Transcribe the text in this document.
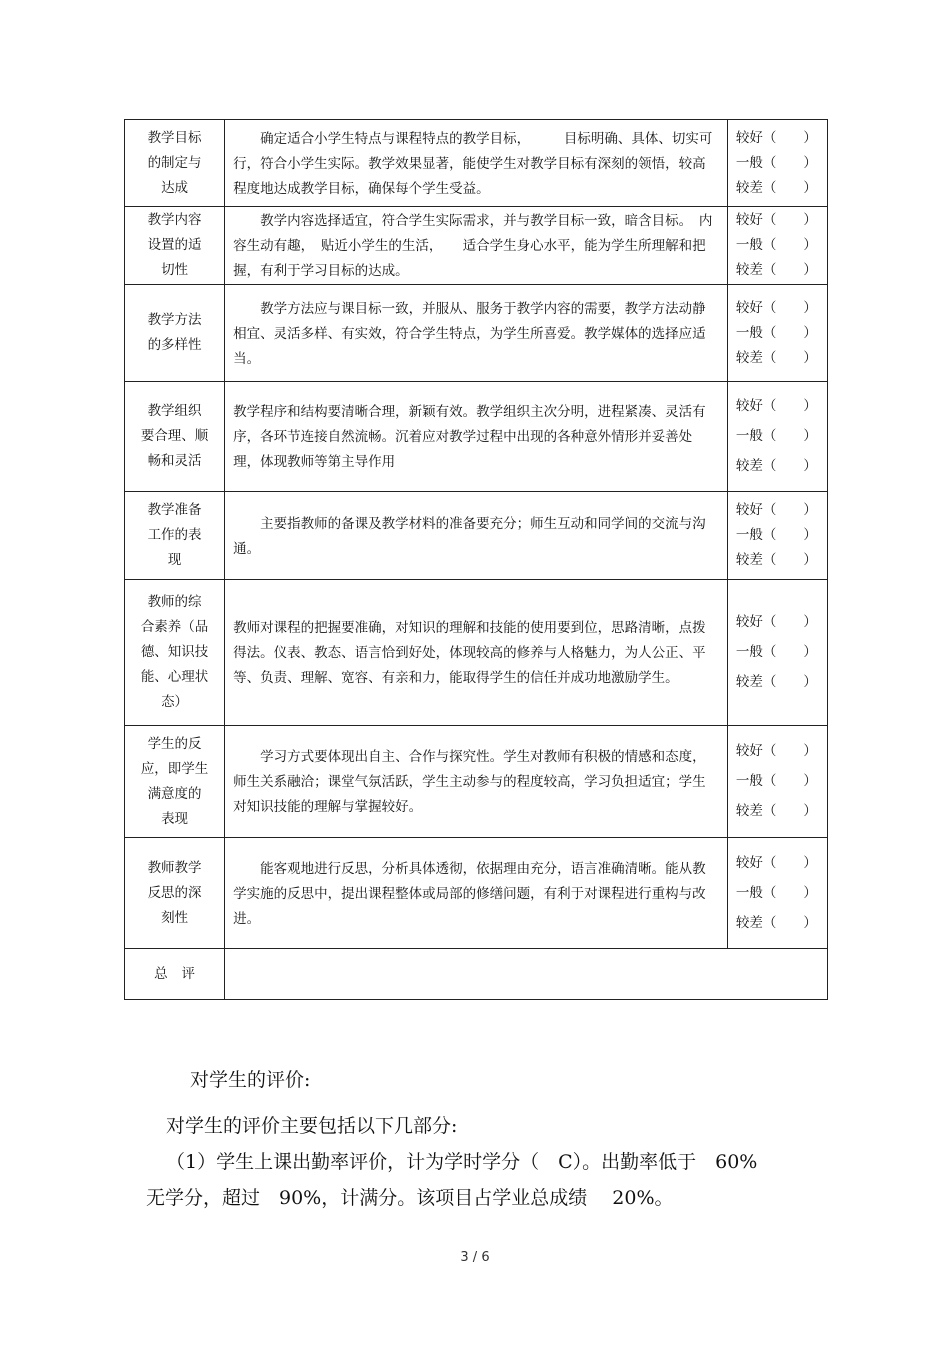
教学目标
的制定与
达成	确定适合小学生特点与课程特点的教学目标，　　　目标明确、具体、切实可行，符合小学生实际。教学效果显著，能使学生对教学目标有深刻的领悟，较高程度地达成教学目标，确保每个学生受益。	较好（　　）
一般（　　）
较差（　　）

教学内容
设置的适
切性	教学内容选择适宜，符合学生实际需求，并与教学目标一致，暗含目标。　内容生动有趣，　贴近小学生的生活，　　适合学生身心水平，能为学生所理解和把握，有利于学习目标的达成。	较好（　　）
一般（　　）
较差（　　）

教学方法
的多样性	教学方法应与课目标一致，并服从、服务于教学内容的需要，教学方法动静相宜、灵活多样、有实效，符合学生特点，为学生所喜爱。教学媒体的选择应适当。	较好（　　）
一般（　　）
较差（　　）

教学组织
要合理、顺
畅和灵活	教学程序和结构要清晰合理，新颖有效。教学组织主次分明，进程紧凑、灵活有序，各环节连接自然流畅。沉着应对教学过程中出现的各种意外情形并妥善处理，体现教师等第主导作用	较好（　　）
一般（　　）
较差（　　）

教学准备
工作的表
现	主要指教师的备课及教学材料的准备要充分；师生互动和同学间的交流与沟通。	较好（　　）
一般（　　）
较差（　　）

教师的综
合素养（品
德、知识技
能、心理状
态）	教师对课程的把握要准确，对知识的理解和技能的使用要到位，思路清晰，点拨得法。仪表、教态、语言恰到好处，体现较高的修养与人格魅力，为人公正、平等、负责、理解、宽容、有亲和力，能取得学生的信任并成功地激励学生。	较好（　　）
一般（　　）
较差（　　）

学生的反
应，即学生
满意度的
表现	学习方式要体现出自主、合作与探究性。学生对教师有积极的情感和态度，师生关系融洽；课堂气氛活跃，学生主动参与的程度较高，学习负担适宜；学生对知识技能的理解与掌握较好。	较好（　　）
一般（　　）
较差（　　）

教师教学
反思的深
刻性	能客观地进行反思，分析具体透彻，依据理由充分，语言准确清晰。能从教学实施的反思中，提出课程整体或局部的修缮问题，有利于对课程进行重构与改进。	较好（　　）
一般（　　）
较差（　　）

总评		

对学生的评价:

对学生的评价主要包括以下几部分:

（1）学生上课出勤率评价，计为学时学分（　C）。出勤率低于　60%

无学分，超过　90%，计满分。该项目占学业总成绩　 20%。

3 / 6
